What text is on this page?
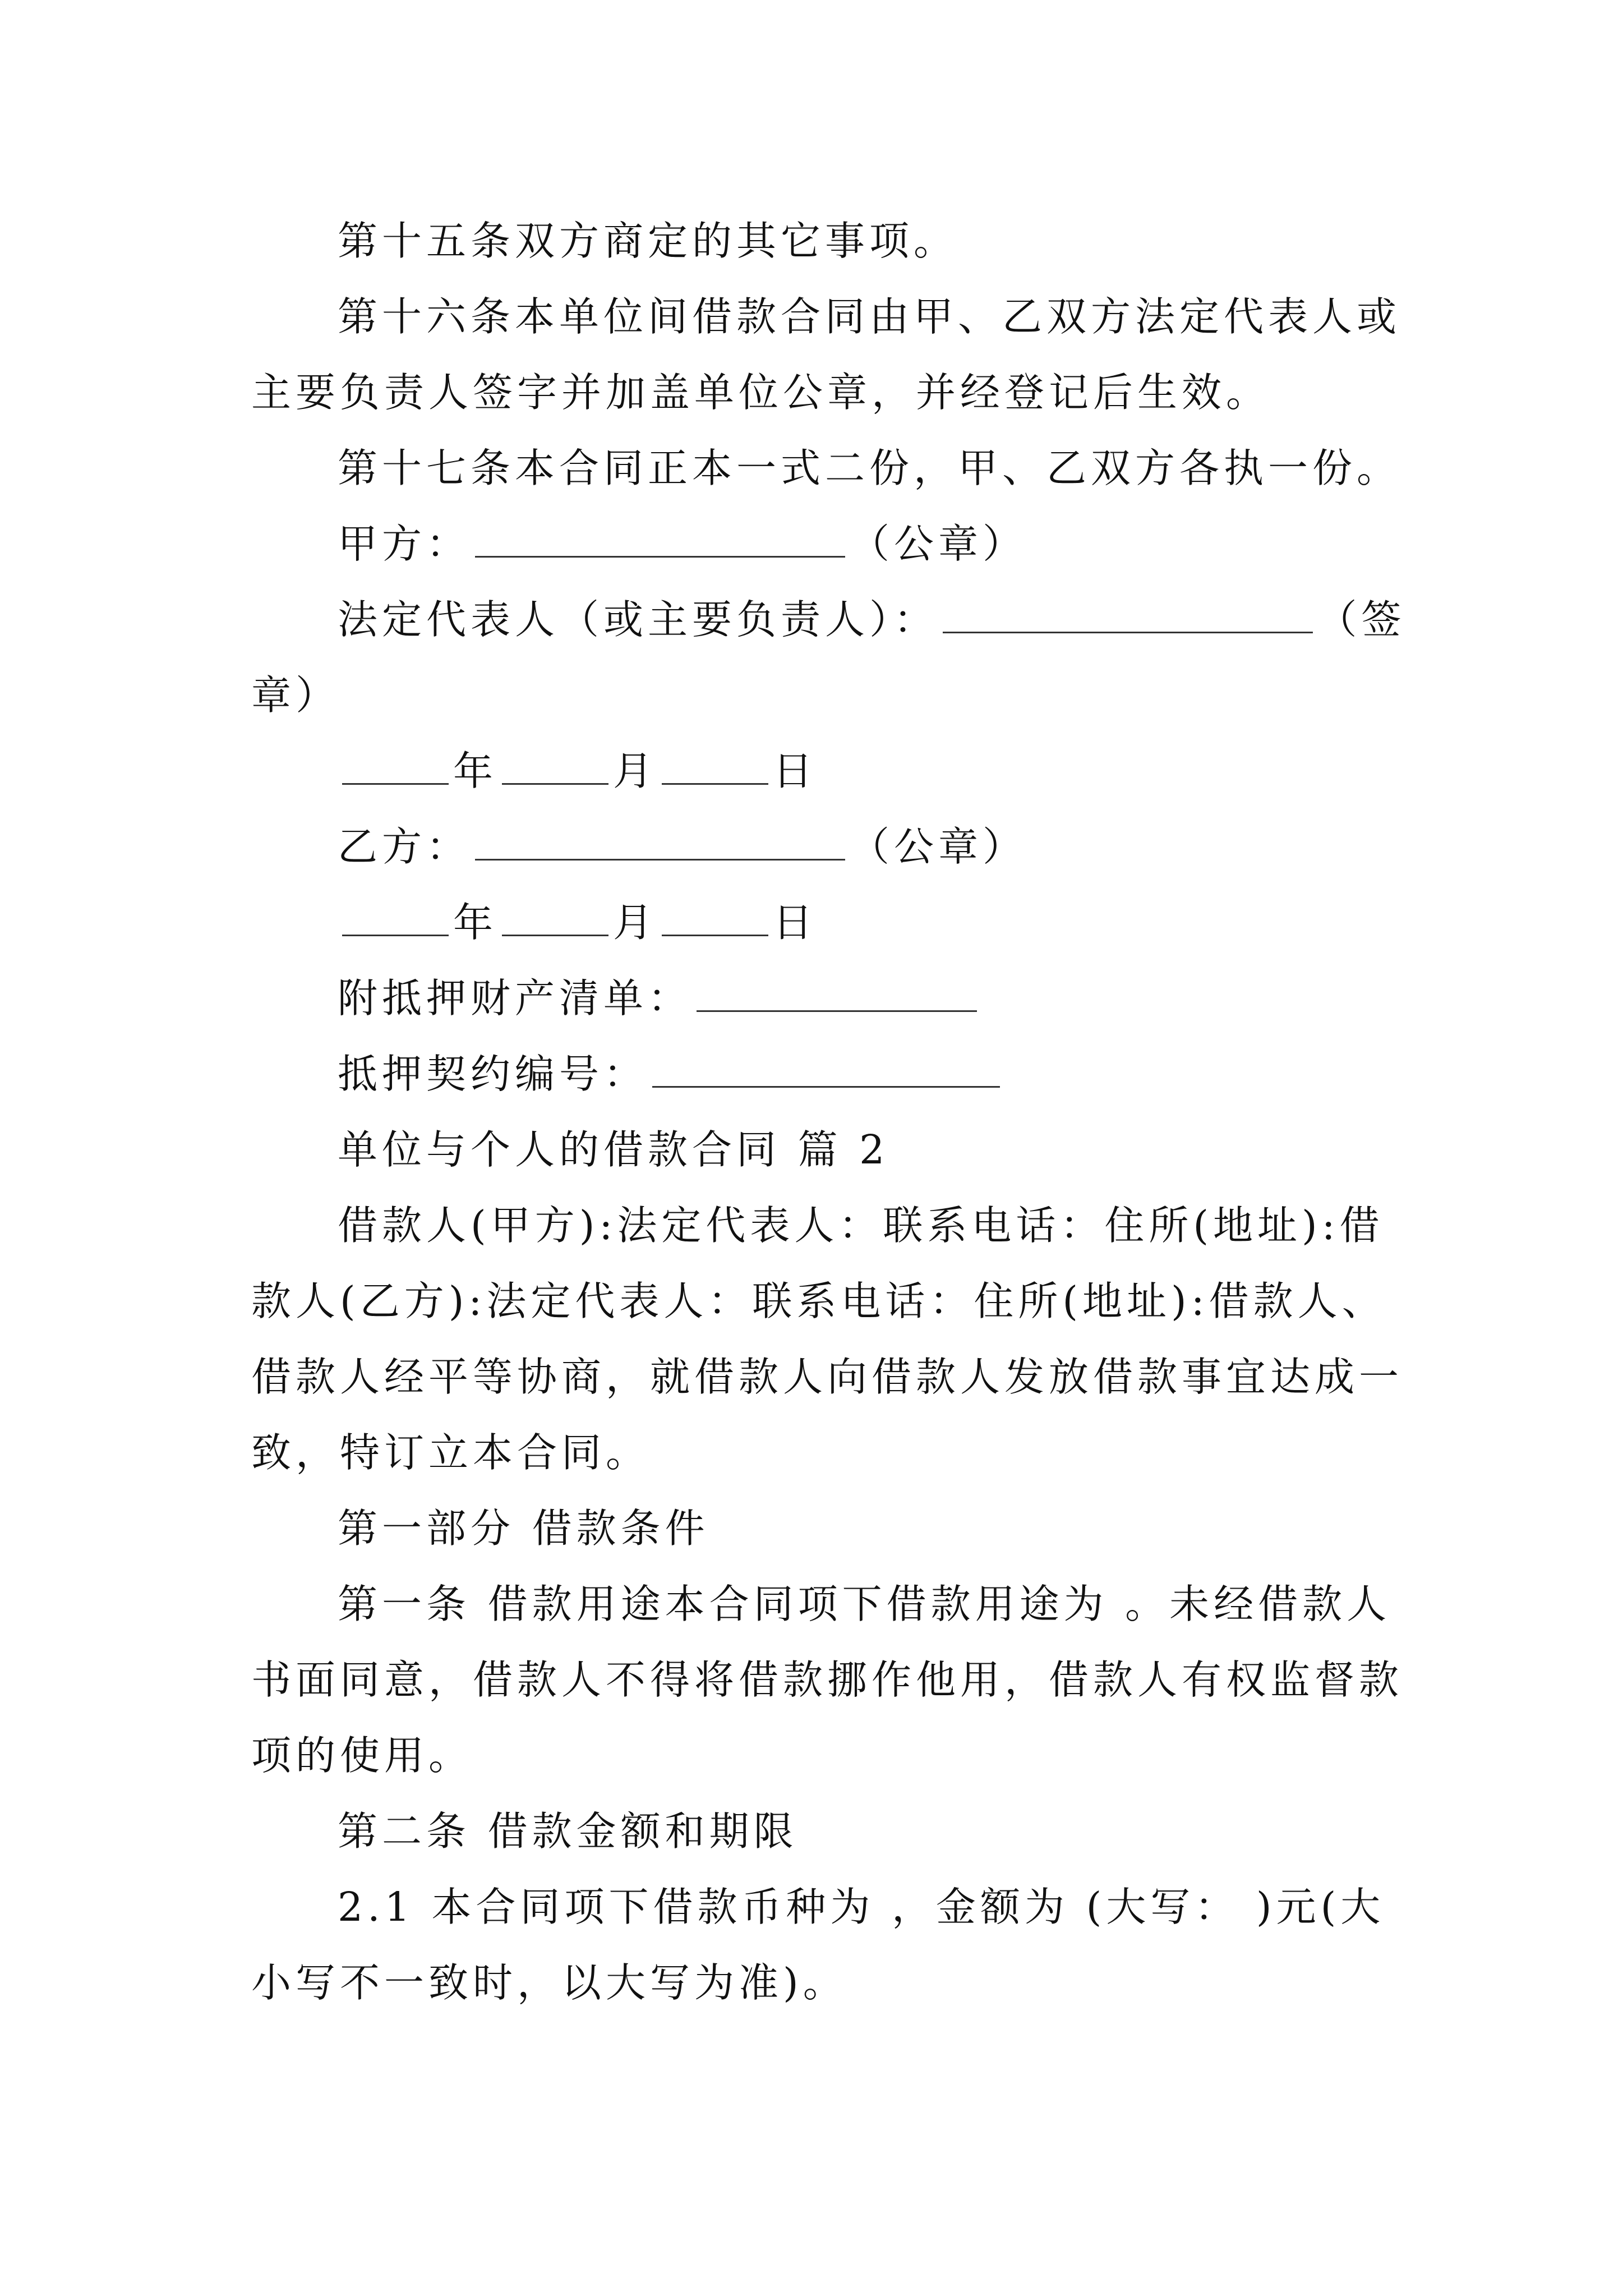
第十五条双方商定的其它事项。
第十六条本单位间借款合同由甲、乙双方法定代表人或
主要负责人签字并加盖单位公章，并经登记后生效。
第十七条本合同正本一式二份，甲、乙双方各执一份。
甲方：	（公章）
法定代表人（或主要负责人）：	（签
章）
年	月	日
乙方：	（公章）
年	月	日
附抵押财产清单：
抵押契约编号：
单位与个人的借款合同 篇 2
借款人(甲方):法定代表人：联系电话：住所(地址):借
款人(乙方):法定代表人：联系电话：住所(地址):借款人、
借款人经平等协商，就借款人向借款人发放借款事宜达成一
致，特订立本合同。
第一部分 借款条件
第一条 借款用途本合同项下借款用途为 。未经借款人
书面同意，借款人不得将借款挪作他用，借款人有权监督款
项的使用。
第二条 借款金额和期限
2.1 本合同项下借款币种为 ，金额为 (大写： )元(大
小写不一致时，以大写为准)。
